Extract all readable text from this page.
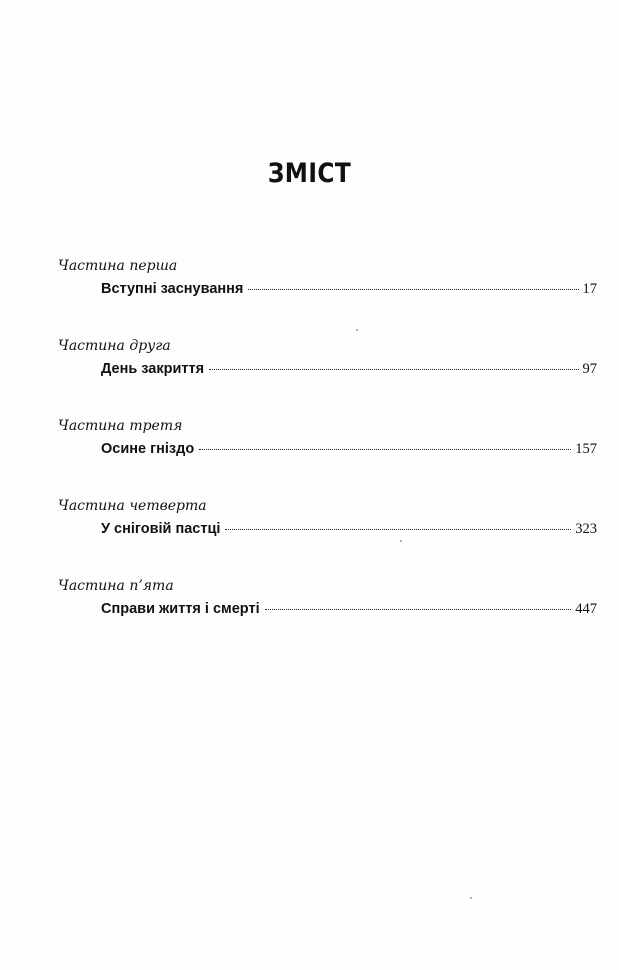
ЗМІСТ
Частина перша
Вступні заснування	17
Частина друга
День закриття	97
Частина третя
Осине гніздо	157
Частина четверта
У сніговій пастці	323
Частина п’ята
Справи життя і смерті	447
